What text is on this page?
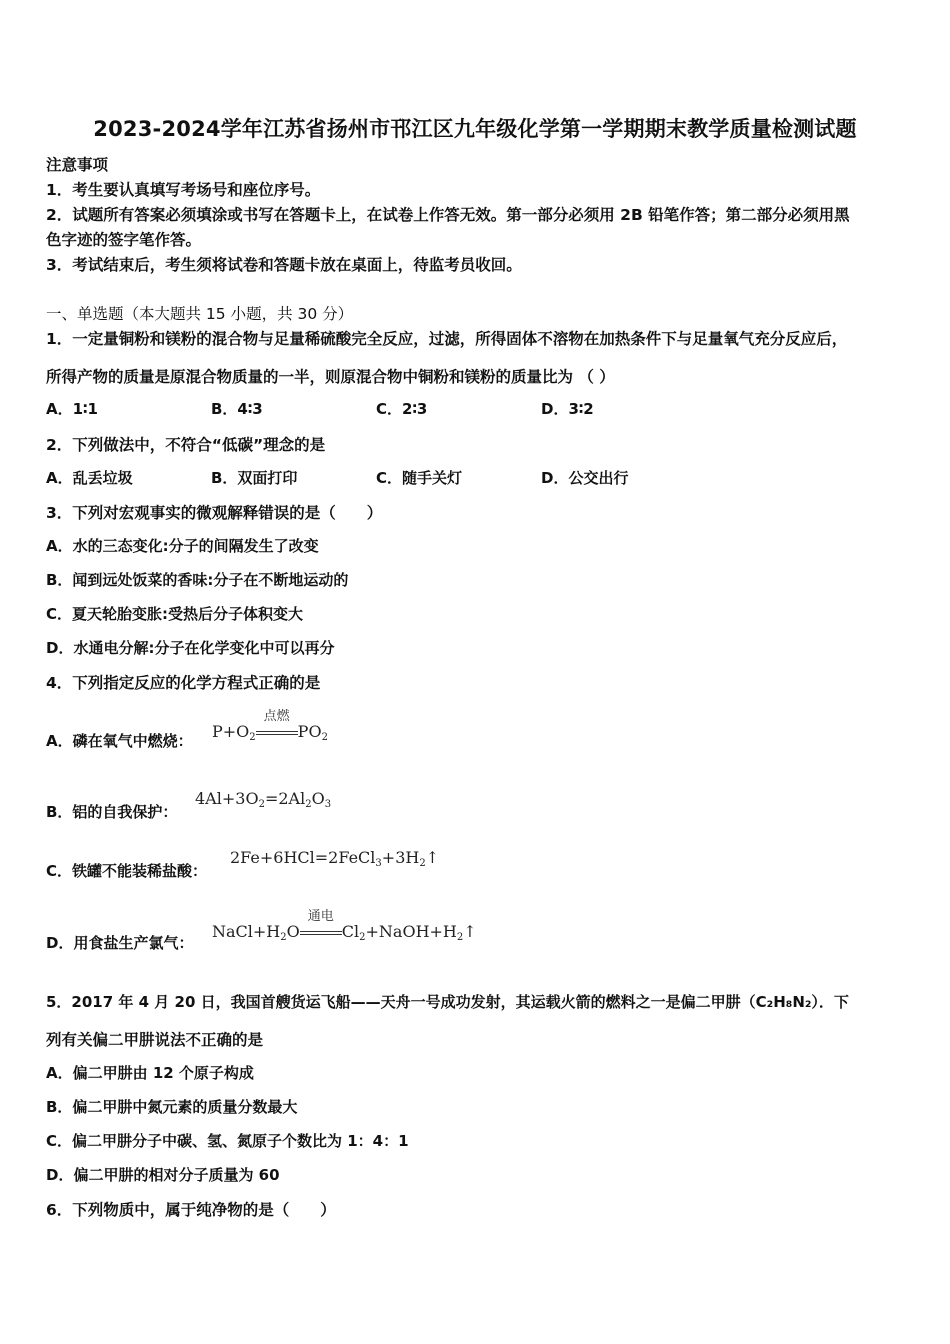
2023-2024学年江苏省扬州市邗江区九年级化学第一学期期末教学质量检测试题
注意事项
1．考生要认真填写考场号和座位序号。
2．试题所有答案必须填涂或书写在答题卡上，在试卷上作答无效。第一部分必须用 2B 铅笔作答；第二部分必须用黑
色字迹的签字笔作答。
3．考试结束后，考生须将试卷和答题卡放在桌面上，待监考员收回。
一、单选题（本大题共 15 小题，共 30 分）
1．一定量铜粉和镁粉的混合物与足量稀硫酸完全反应，过滤，所得固体不溶物在加热条件下与足量氧气充分反应后，
所得产物的质量是原混合物质量的一半，则原混合物中铜粉和镁粉的质量比为 （ ）
A．1∶1	B．4∶3	C．2∶3	D．3∶2
2．下列做法中，不符合“低碳”理念的是
A．乱丢垃圾	B．双面打印	C．随手关灯	D．公交出行
3．下列对宏观事实的微观解释错误的是（　　）
A．水的三态变化:分子的间隔发生了改变
B．闻到远处饭菜的香味:分子在不断地运动的
C．夏天轮胎变胀:受热后分子体积变大
D．水通电分解:分子在化学变化中可以再分
4．下列指定反应的化学方程式正确的是
A．磷在氧气中燃烧： $P+O_2$
点燃
$PO_2$
B．铝的自我保护：
$4Al+3O_2=2Al_2O_3$
C．铁罐不能装稀盐酸：
$2Fe+6HCl=2FeCl_3+3H_2↑$
D．用食盐生产氯气：
$NaCl+H_2O$
通电
$Cl_2+NaOH+H_2↑$
5．2017 年 4 月 20 日，我国首艘货运飞船——天舟一号成功发射，其运载火箭的燃料之一是偏二甲肼（C₂H₈N₂）．下
列有关偏二甲肼说法不正确的是
A．偏二甲肼由 12 个原子构成
B．偏二甲肼中氮元素的质量分数最大
C．偏二甲肼分子中碳、氢、氮原子个数比为 1：4：1
D．偏二甲肼的相对分子质量为 60
6．下列物质中，属于纯净物的是（　　）
